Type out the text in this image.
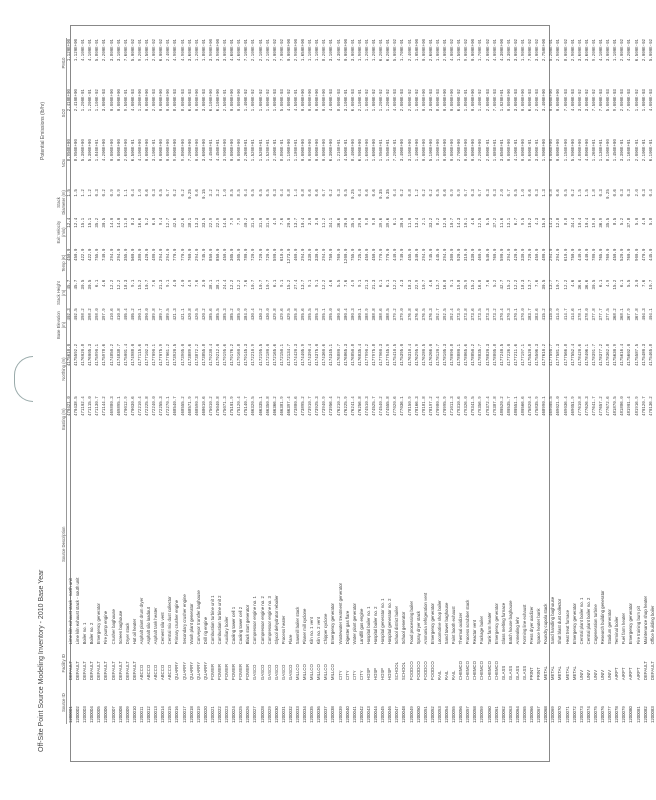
Off-Site Point Source Modeling Inventory - 2010 Base Year
Potential Emissions (lb/hr)
Source ID	Facility ID	Source Description	Easting (m)	Northing (m)	Base Elevation (m)	Stack Height (m)	Temp (K)	Exit Velocity (m/s)	Stack Diameter (m)	NOx	SO2	PM10
1200001	DEFAULT	Lime kiln exhaust stack - north unit	470421.0	4175610.0	402.3	45.7	450.0	12.4	1.5	8.950E+00	2.410E+00	1.120E+00
1200002	DEFAULT	Lime kiln exhaust stack - south unit	470438.5	4175592.2	402.5	45.7	450.0	12.4	1.5	8.950E+00	2.410E+00	1.120E+00
1200003	DEFAULT	Boiler no. 1	471102.4	4176020.8	398.2	30.5	422.0	15.1	1.2	5.300E+00	1.200E-01	4.100E-01
1200004	DEFAULT	Boiler no. 2	471115.0	4176005.3	398.2	30.5	422.0	15.1	1.2	5.300E+00	1.200E-01	4.100E-01
1200005	DEFAULT	Emergency generator	471130.7	4175990.1	398.0	6.1	755.0	35.2	0.3	1.840E+01	1.100E-02	5.800E-01
1200006	DEFAULT	Fire pump engine	471144.2	4175978.6	397.9	4.6	740.0	30.5	0.2	4.200E+00	3.000E-03	2.200E-01
1200007	DEFAULT	Crusher baghouse	469880.3	4174850.2	410.6	12.2	294.0	14.0	0.9	0.000E+00	0.000E+00	3.800E-01
1200008	DEFAULT	Screen baghouse	469895.1	4174838.7	410.8	12.2	294.0	14.0	0.9	0.000E+00	0.000E+00	3.100E-01
1200009	DEFAULT	Dryer stack	470012.9	4175001.4	405.4	18.3	355.0	11.8	1.1	2.600E+00	9.500E-01	7.600E-01
1200010	DEFAULT	Hot oil heater	470030.6	4174988.0	405.2	9.1	560.0	8.3	0.4	6.500E-01	4.000E-03	5.000E-02
1200011	ABCCO	Asphalt plant drum dryer	472210.4	4177115.6	390.1	15.2	380.0	16.6	1.0	4.100E+00	1.300E+00	9.200E-01
1200012	ABCCO	Asphalt silo loadout	472225.8	4177102.3	390.0	10.7	420.0	5.2	0.6	0.000E+00	0.000E+00	1.500E-01
1200013	ABCCO	Asphalt tank heater	472240.0	4177090.1	389.8	7.6	480.0	6.0	0.3	3.100E-01	2.000E-03	2.000E-02
1200014	ABCCO	Cement silo vent	472255.3	4177075.9	389.7	21.3	294.0	9.4	0.5	0.000E+00	0.000E+00	6.000E-02
1200015	ABCCO	Central mix dust collector	472270.1	4177061.2	389.5	9.1	294.0	12.7	0.7	0.000E+00	0.000E+00	2.400E-01
1200016	QUARRY	Primary crusher engine	468540.7	4173920.5	421.3	4.0	770.0	42.6	0.2	9.800E+00	8.000E-03	4.900E-01
1200017	QUARRY	Secondary crusher engine	468555.2	4173905.0	421.1	4.0	770.0	42.6	0.2	9.800E+00	8.000E-03	4.900E-01
1200018	QUARRY	Wash plant generator	468571.9	4173889.6	420.8	4.9	760.0	38.1	0.25	7.200E+00	6.000E-03	3.600E-01
1200019	QUARRY	Conveyor transfer baghouse	468590.3	4173872.2	420.5	7.6	294.0	13.3	0.6	0.000E+00	0.000E+00	1.200E-01
1200020	QUARRY	Drill rig engine	468610.6	4173855.8	420.2	3.0	745.0	33.5	0.15	3.600E+00	3.000E-03	1.800E-01
1200021	POWER	Combustion turbine unit 1	475010.2	4179230.4	385.6	38.1	850.0	22.9	3.2	4.450E+01	6.100E+00	3.900E+00
1200022	POWER	Combustion turbine unit 2	475040.8	4179212.0	385.5	38.1	850.0	22.9	3.2	4.450E+01	6.100E+00	3.900E+00
1200023	POWER	Auxiliary boiler	475071.3	4179195.6	385.3	24.4	450.0	14.6	1.0	3.900E+00	2.500E-01	3.000E-01
1200024	POWER	Cooling tower cell 1	475101.9	4179176.2	385.2	12.2	305.0	7.9	8.5	0.000E+00	0.000E+00	4.600E-01
1200025	POWER	Cooling tower cell 2	475120.4	4179160.8	385.0	12.2	305.0	7.9	8.5	0.000E+00	0.000E+00	4.600E-01
1200026	POWER	Black start generator	475140.7	4179145.3	384.9	7.6	780.0	40.2	0.4	2.260E+01	1.400E-02	7.100E-01
1200027	GASCO	Compressor engine no. 1	466320.5	4172210.9	430.4	10.7	720.0	31.0	0.5	1.520E+01	1.000E-02	2.100E-01
1200028	GASCO	Compressor engine no. 2	466335.1	4172195.5	430.2	10.7	720.0	31.0	0.5	1.520E+01	1.000E-02	2.100E-01
1200029	GASCO	Compressor engine no. 3	466350.8	4172180.0	430.0	10.7	720.0	31.0	0.5	1.520E+01	1.000E-02	2.100E-01
1200030	GASCO	Glycol dehydrator reboiler	466366.2	4172165.6	429.8	6.1	590.0	4.9	0.3	2.400E-01	1.000E-03	2.000E-02
1200031	GASCO	Process heater	466381.9	4172150.1	429.6	9.1	610.0	7.6	0.4	8.800E-01	5.000E-03	7.000E-02
1200032	GASCO	Flare	466397.4	4172134.7	429.5	15.2	1273.0	20.0	0.8	1.100E+00	4.000E-02	0.000E+00
1200033	MILLCO	Sawmill boiler stack	473880.6	4174420.3	395.8	27.4	460.0	13.7	1.4	1.180E+01	4.500E-01	2.900E+00
1200034	MILLCO	Planer mill cyclone	473895.2	4174405.9	395.6	13.7	294.0	10.4	0.8	0.000E+00	0.000E+00	1.650E+00
1200035	MILLCO	Kiln no. 1 vent	473910.7	4174390.4	395.5	9.1	330.0	3.0	0.6	0.000E+00	0.000E+00	1.100E-01
1200036	MILLCO	Kiln no. 2 vent	473925.3	4174375.0	395.3	9.1	330.0	3.0	0.6	0.000E+00	0.000E+00	1.100E-01
1200037	MILLCO	Chipper cyclone	473940.9	4174360.6	395.1	12.2	294.0	11.2	0.7	0.000E+00	0.000E+00	8.200E-01
1200038	MILLCO	Emergency generator	473956.4	4174345.1	395.0	4.6	750.0	34.1	0.2	6.300E+00	4.000E-03	3.100E-01
1200039	CITY	Wastewater treatment generator	476210.2	4176880.7	380.6	5.5	760.0	36.6	0.3	1.210E+01	8.000E-03	4.300E-01
1200040	CITY	Digester gas flare	476225.9	4176865.3	380.4	7.6	1200.0	20.0	0.5	4.500E-01	3.100E-01	0.000E+00
1200041	CITY	Water plant generator	476241.4	4176850.8	380.3	4.9	755.0	35.0	0.25	8.400E+00	6.000E-03	3.000E-01
1200042	CITY	Landfill gas engine	476256.8	4176835.4	380.1	9.1	725.0	29.0	0.4	6.900E+00	2.100E-01	1.900E-01
1200043	HOSP	Hospital boiler no. 1	474510.3	4177990.2	388.9	21.3	450.0	9.8	0.6	1.600E+00	1.000E-02	1.200E-01
1200044	HOSP	Hospital boiler no. 2	474525.7	4177975.8	388.8	21.3	450.0	9.8	0.6	1.600E+00	1.000E-02	1.200E-01
1200045	HOSP	Hospital generator no. 1	474540.2	4177960.3	388.6	6.1	770.0	39.6	0.35	1.950E+01	1.200E-02	6.200E-01
1200046	HOSP	Hospital generator no. 2	474555.8	4177945.9	388.5	6.1	770.0	39.6	0.35	1.950E+01	1.200E-02	6.200E-01
1200047	SCHOOL	School district boiler	477020.6	4175410.5	379.2	12.2	440.0	6.1	0.4	7.200E-01	4.000E-03	5.000E-02
1200048	SCHOOL	School generator	477036.1	4175395.0	379.0	4.3	740.0	30.0	0.2	3.400E+00	2.000E-03	1.700E-01
1200049	FOODCO	Food processing boiler	478150.9	4176310.4	376.8	18.3	455.0	11.0	0.8	3.100E+00	2.000E-02	2.400E-01
1200050	FOODCO	Spray dryer stack	478166.3	4176295.9	376.6	22.9	340.0	13.4	1.2	1.400E+00	1.000E-02	1.050E+00
1200051	FOODCO	Ammonia refrigeration vent	478181.8	4176280.5	376.5	10.7	294.0	2.1	0.2	0.000E+00	0.000E+00	0.000E+00
1200052	FOODCO	Emergency generator	478197.2	4176266.0	376.3	4.6	745.0	33.2	0.2	5.100E+00	3.000E-03	2.600E-01
1200053	RAIL	Locomotive shop boiler	470980.4	4178120.7	392.7	13.7	445.0	8.2	0.5	1.300E+00	8.000E-03	1.000E-01
1200054	RAIL	Sand tower baghouse	470995.9	4178105.3	392.5	16.8	294.0	12.0	0.6	0.000E+00	0.000E+00	2.000E-01
1200055	RAIL	Paint booth exhaust	471011.3	4178090.8	392.4	9.1	300.0	10.7	0.9	0.000E+00	0.000E+00	4.000E-02
1200056	CHEMCO	Thermal oxidizer	479310.6	4178880.1	373.9	19.8	920.0	14.3	0.9	2.700E+00	6.000E-02	1.500E-01
1200057	CHEMCO	Process scrubber stack	479326.0	4178865.6	373.8	25.9	310.0	10.1	0.7	0.000E+00	1.800E-01	9.000E-02
1200058	CHEMCO	Reactor vent	479341.5	4178850.2	373.6	15.2	330.0	4.6	0.3	0.000E+00	0.000E+00	0.000E+00
1200059	CHEMCO	Package boiler	479356.9	4178835.7	373.5	16.8	460.0	12.5	0.7	2.200E+00	1.400E-02	1.700E-01
1200060	CHEMCO	Tank farm heater	479372.4	4178820.3	373.3	7.6	540.0	5.5	0.3	2.800E-01	2.000E-03	2.000E-02
1200061	CHEMCO	Emergency generator	479387.8	4178805.8	373.2	5.2	760.0	37.2	0.3	1.080E+01	7.000E-03	4.000E-01
1200062	GLASS	Glass melting furnace	480520.2	4177240.5	370.4	42.7	590.0	11.6	2.0	3.650E+01	1.020E+01	4.300E+00
1200063	GLASS	Batch house baghouse	480535.7	4177226.0	370.3	15.2	294.0	13.1	0.7	0.000E+00	0.000E+00	3.300E-01
1200064	GLASS	Annealing lehr	480551.1	4177211.6	370.1	12.2	420.0	6.7	0.5	4.100E-01	3.000E-03	3.000E-02
1200065	GLASS	Forming line exhaust	480566.6	4177197.1	370.0	18.3	330.0	9.5	1.0	0.000E+00	0.000E+00	1.900E-01
1200066	PRINT	Press dryer oxidizer	475820.4	4175520.8	383.7	13.7	720.0	10.2	0.6	9.600E-01	6.000E-03	7.000E-02
1200067	PRINT	Space heater bank	475835.9	4175506.3	383.6	7.6	450.0	4.3	0.3	3.800E-01	2.000E-03	3.000E-02
1200068	METAL	Foundry cupola stack	468990.1	4177610.2	415.2	30.5	480.0	15.8	1.3	1.900E+00	3.400E+00	2.750E+00
1200069	METAL	Sand handling baghouse	469005.5	4177595.7	415.0	13.7	294.0	14.3	0.8	0.000E+00	0.000E+00	5.200E-01
1200070	METAL	Shot blast dust collector	469021.0	4177581.3	414.9	10.7	294.0	12.8	0.6	0.000E+00	0.000E+00	2.900E-01
1200071	METAL	Heat treat furnace	469036.4	4177566.8	414.7	12.2	610.0	8.8	0.5	1.150E+00	7.000E-03	8.000E-02
1200072	METAL	Emergency generator	469051.9	4177552.4	414.6	4.6	750.0	34.4	0.2	5.900E+00	4.000E-03	2.900E-01
1200073	UNIV	Central plant boiler no. 1	477610.8	4178420.6	378.1	36.6	440.0	10.4	1.5	4.800E+00	3.000E-02	3.600E-01
1200074	UNIV	Central plant boiler no. 2	477626.3	4178406.1	378.0	36.6	440.0	10.4	1.5	4.800E+00	3.000E-02	3.600E-01
1200075	UNIV	Cogeneration turbine	477641.7	4178391.7	377.8	30.5	780.0	19.8	1.8	1.260E+01	7.500E-02	9.200E-01
1200076	UNIV	Research building generator	477657.2	4178377.2	377.7	6.1	765.0	36.9	0.3	1.130E+01	7.000E-03	4.100E-01
1200077	UNIV	Stadium generator	477672.6	4178362.8	377.5	4.9	760.0	35.5	0.25	8.100E+00	5.000E-03	3.000E-01
1200078	AIRPT	Terminal boiler	481870.5	4175630.9	368.2	15.2	450.0	8.5	0.6	1.450E+00	9.000E-03	1.100E-01
1200079	AIRPT	Fuel farm heater	481886.0	4175616.4	368.1	6.1	520.0	5.2	0.3	3.300E-01	2.000E-03	2.000E-02
1200080	AIRPT	Emergency generator	481901.4	4175602.0	367.9	5.5	760.0	37.8	0.3	1.160E+01	7.000E-03	4.200E-01
1200081	AIRPT	Fire training burn pit	481916.9	4175587.5	367.8	3.0	900.0	5.0	2.0	2.000E-01	1.000E-02	6.500E-01
1200082	DEFAULT	Maintenance shop heater	470120.7	4175480.3	404.3	7.6	470.0	4.0	0.3	2.100E-01	1.000E-03	2.000E-02
1200083	DEFAULT	Office building boiler	470136.2	4175465.8	404.1	10.7	445.0	5.8	0.4	6.100E-01	4.000E-03	5.000E-02
